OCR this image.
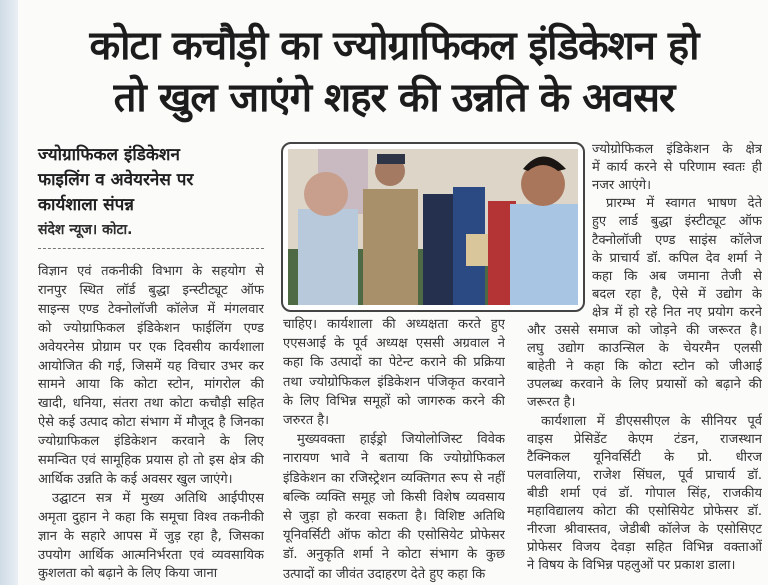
कोटा कचौड़ी का ज्योग्राफिकल इंडिकेशन हो
तो खुल जाएंगे शहर की उन्नति के अवसर
ज्योग्राफिकल इंडिकेशन
फाइलिंग व अवेयरनेस पर
कार्यशाला संपन्न
संदेश न्यूज। कोटा.
विज्ञान एवं तकनीकी विभाग के सहयोग से
रानपुर स्थित लॉर्ड बुद्धा इन्स्टीट्यूट ऑफ
साइन्स एण्ड टेक्नोलॉजी कॉलेज में मंगलवार
को ज्योग्राफिकल इंडिकेशन फाईलिंग एण्ड
अवेयरनेस प्रोग्राम पर एक दिवसीय कार्यशाला
आयोजित की गई, जिसमें यह विचार उभर कर
सामने आया कि कोटा स्टोन, मांगरोल की
खादी, धनिया, संतरा तथा कोटा कचौड़ी सहित
ऐसे कई उत्पाद कोटा संभाग में मौजूद है जिनका
ज्योग्राफिकल इंडिकेशन करवाने के लिए
समन्वित एवं सामूहिक प्रयास हो तो इस क्षेत्र की
आर्थिक उन्नति के कई अवसर खुल जाएंगे।
उद्घाटन सत्र में मुख्य अतिथि आईपीएस
अमृता दुहान ने कहा कि समूचा विश्व तकनीकी
ज्ञान के सहारे आपस में जुड़ रहा है, जिसका
उपयोग आर्थिक आत्मनिर्भरता एवं व्यवसायिक
कुशलता को बढ़ाने के लिए किया जाना
चाहिए। कार्यशाला की अध्यक्षता करते हुए
एएसआई के पूर्व अध्यक्ष एससी अग्रवाल ने
कहा कि उत्पादों का पेटेन्ट कराने की प्रक्रिया
तथा ज्योग्रोफिकल इंडिकेशन पंजिकृत करवाने
के लिए विभिन्न समूहों को जागरुक करने की
जरुरत है।
मुख्यवक्ता हाईड्रो जियोलोजिस्ट विवेक
नारायण भावे ने बताया कि ज्योग्रोफिकल
इंडिकेशन का रजिस्ट्रेशन व्यक्तिगत रूप से नहीं
बल्कि व्यक्ति समूह जो किसी विशेष व्यवसाय
से जुड़ा हो करवा सकता है। विशिष्ट अतिथि
यूनिवर्सिटी ऑफ कोटा की एसोसियेट प्रोफेसर
डॉ. अनुकृति शर्मा ने कोटा संभाग के कुछ
उत्पादों का जीवंत उदाहरण देते हुए कहा कि
ज्योग्रोफिकल इंडिकेशन के क्षेत्र
में कार्य करने से परिणाम स्वतः ही
नजर आएंगे।
प्रारम्भ में स्वागत भाषण देते
हुए लार्ड बुद्धा इंस्टीट्यूट ऑफ
टैक्नोलॉजी एण्ड साइंस कॉलेज
के प्राचार्य डॉ. कपिल देव शर्मा ने
कहा कि अब जमाना तेजी से
बदल रहा है, ऐसे में उद्योग के
क्षेत्र में हो रहे नित नए प्रयोग करने
और उससे समाज को जोड़ने की जरूरत है।
लघु उद्योग काउन्सिल के चेयरमैन एलसी
बाहेती ने कहा कि कोटा स्टोन को जीआई
उपलब्ध करवाने के लिए प्रयासों को बढ़ाने की
जरूरत है।
कार्यशाला में डीएससीएल के सीनियर पूर्व
वाइस प्रेसिडेंट केएम टंडन, राजस्थान
टैक्निकल यूनिवर्सिटी के प्रो. धीरज
पलवालिया, राजेश सिंघल, पूर्व प्राचार्य डॉ.
बीडी शर्मा एवं डॉ. गोपाल सिंह, राजकीय
महाविद्यालय कोटा की एसोसियेट प्रोफेसर डॉ.
नीरजा श्रीवास्तव, जेडीबी कॉलेज के एसोसिएट
प्रोफेसर विजय देवड़ा सहित विभिन्न वक्ताओं
ने विषय के विभिन्न पहलुओं पर प्रकाश डाला।
